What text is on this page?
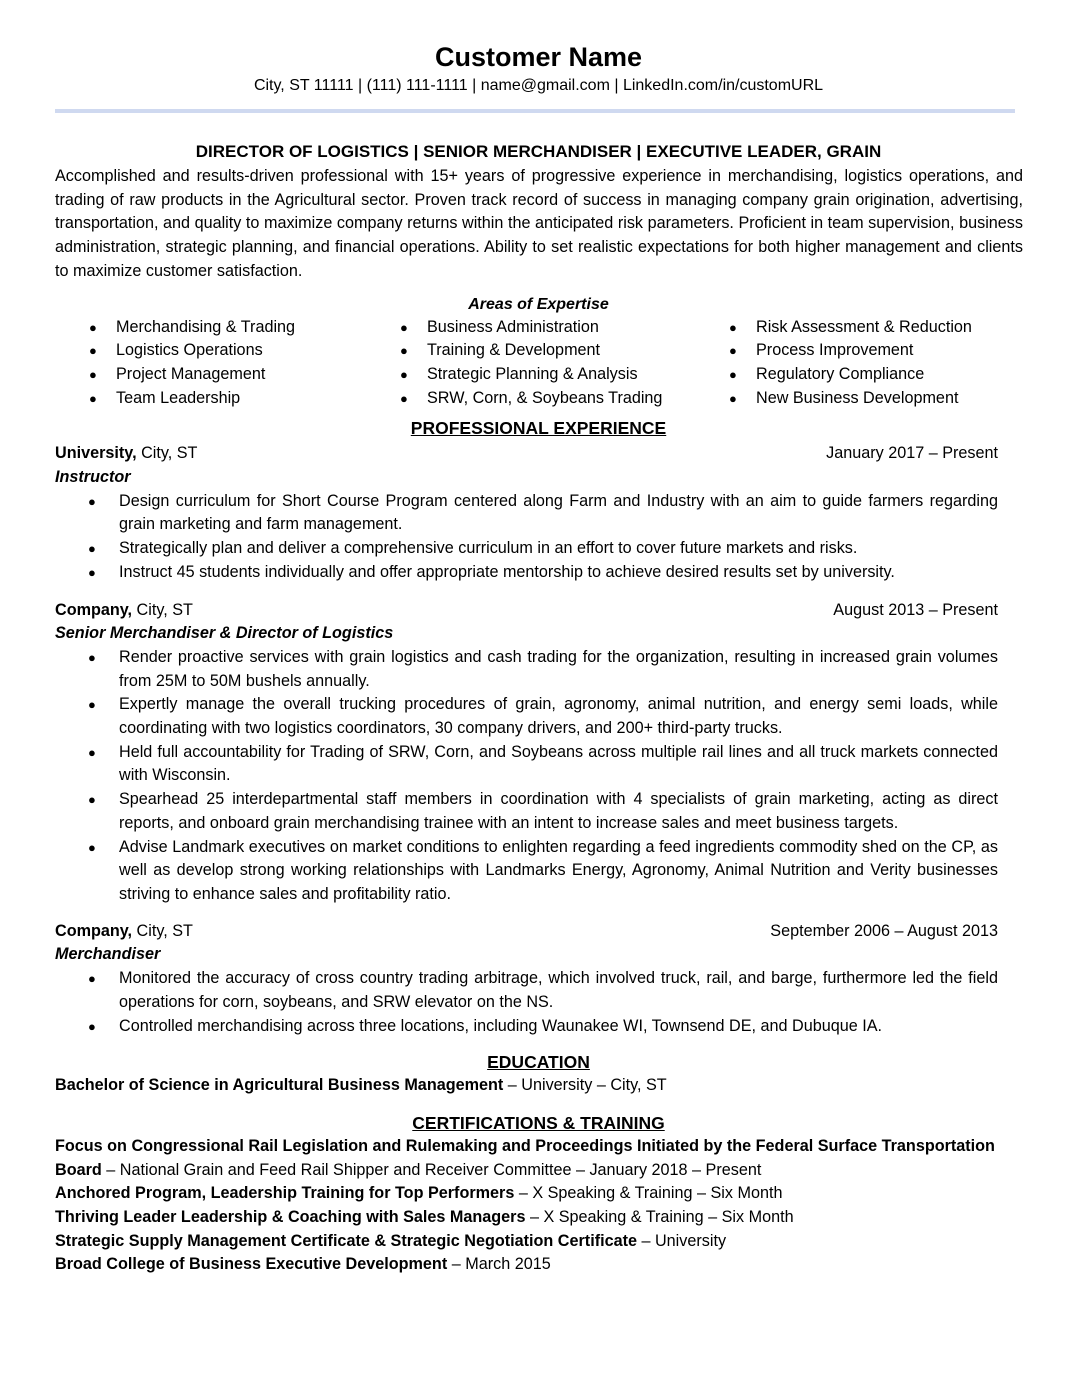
Customer Name
City, ST 11111 | (111) 111-1111 | name@gmail.com | LinkedIn.com/in/customURL
DIRECTOR OF LOGISTICS | SENIOR MERCHANDISER | EXECUTIVE LEADER, GRAIN
Accomplished and results-driven professional with 15+ years of progressive experience in merchandising, logistics operations, and trading of raw products in the Agricultural sector. Proven track record of success in managing company grain origination, advertising, transportation, and quality to maximize company returns within the anticipated risk parameters. Proficient in team supervision, business administration, strategic planning, and financial operations. Ability to set realistic expectations for both higher management and clients to maximize customer satisfaction.
Areas of Expertise
● Merchandising & Trading
● Logistics Operations
● Project Management
● Team Leadership
● Business Administration
● Training & Development
● Strategic Planning & Analysis
● SRW, Corn, & Soybeans Trading
● Risk Assessment & Reduction
● Process Improvement
● Regulatory Compliance
● New Business Development
PROFESSIONAL EXPERIENCE
University, City, ST	January 2017 – Present
Instructor
● Design curriculum for Short Course Program centered along Farm and Industry with an aim to guide farmers regarding grain marketing and farm management.
● Strategically plan and deliver a comprehensive curriculum in an effort to cover future markets and risks.
● Instruct 45 students individually and offer appropriate mentorship to achieve desired results set by university.
Company, City, ST	August 2013 – Present
Senior Merchandiser & Director of Logistics
● Render proactive services with grain logistics and cash trading for the organization, resulting in increased grain volumes from 25M to 50M bushels annually.
● Expertly manage the overall trucking procedures of grain, agronomy, animal nutrition, and energy semi loads, while coordinating with two logistics coordinators, 30 company drivers, and 200+ third-party trucks.
● Held full accountability for Trading of SRW, Corn, and Soybeans across multiple rail lines and all truck markets connected with Wisconsin.
● Spearhead 25 interdepartmental staff members in coordination with 4 specialists of grain marketing, acting as direct reports, and onboard grain merchandising trainee with an intent to increase sales and meet business targets.
● Advise Landmark executives on market conditions to enlighten regarding a feed ingredients commodity shed on the CP, as well as develop strong working relationships with Landmarks Energy, Agronomy, Animal Nutrition and Verity businesses striving to enhance sales and profitability ratio.
Company, City, ST	September 2006 – August 2013
Merchandiser
● Monitored the accuracy of cross country trading arbitrage, which involved truck, rail, and barge, furthermore led the field operations for corn, soybeans, and SRW elevator on the NS.
● Controlled merchandising across three locations, including Waunakee WI, Townsend DE, and Dubuque IA.
EDUCATION
Bachelor of Science in Agricultural Business Management – University – City, ST
CERTIFICATIONS & TRAINING
Focus on Congressional Rail Legislation and Rulemaking and Proceedings Initiated by the Federal Surface Transportation Board – National Grain and Feed Rail Shipper and Receiver Committee – January 2018 – Present
Anchored Program, Leadership Training for Top Performers – X Speaking & Training – Six Month
Thriving Leader Leadership & Coaching with Sales Managers – X Speaking & Training – Six Month
Strategic Supply Management Certificate & Strategic Negotiation Certificate – University
Broad College of Business Executive Development – March 2015
